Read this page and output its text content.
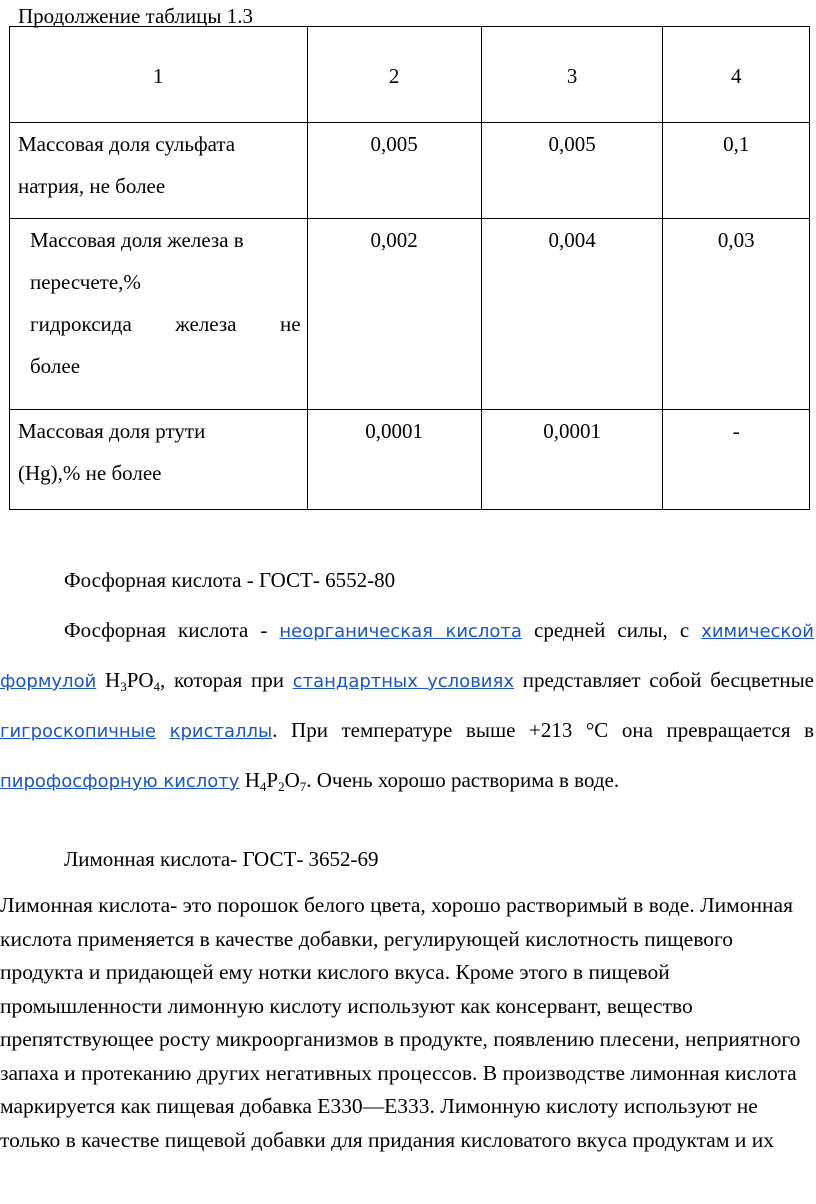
Продолжение таблицы 1.3
1	2	3	4

Массовая доля сульфата
натрия, не более	0,005	0,005	0,1

Массовая доля железа в
пересчете,%
гидроксида железа не
более	0,002	0,004	0,03

Массовая доля ртути
(Hg),% не более	0,0001	0,0001	-
Фосфорная кислота - ГОСТ- 6552-80
Фосфорная кислота - неорганическая кислота средней силы, с химической формулой $H_3PO_4$, которая при стандартных условиях представляет собой бесцветные гигроскопичные кристаллы. При температуре выше +213 °C она превращается в пирофосфорную кислоту $H_4P_2O_7$. Очень хорошо растворима в воде.
Лимонная кислота- ГОСТ- 3652-69
Лимонная кислота- это порошок белого цвета, хорошо растворимый в воде. Лимонная кислота применяется в качестве добавки, регулирующей кислотность пищевого продукта и придающей ему нотки кислого вкуса. Кроме этого в пищевой промышленности лимонную кислоту используют как консервант, вещество препятствующее росту микроорганизмов в продукте, появлению плесени, неприятного запаха и протеканию других негативных процессов. В производстве лимонная кислота маркируется как пищевая добавка Е330—Е333. Лимонную кислоту используют не только в качестве пищевой добавки для придания кисловатого вкуса продуктам и их
